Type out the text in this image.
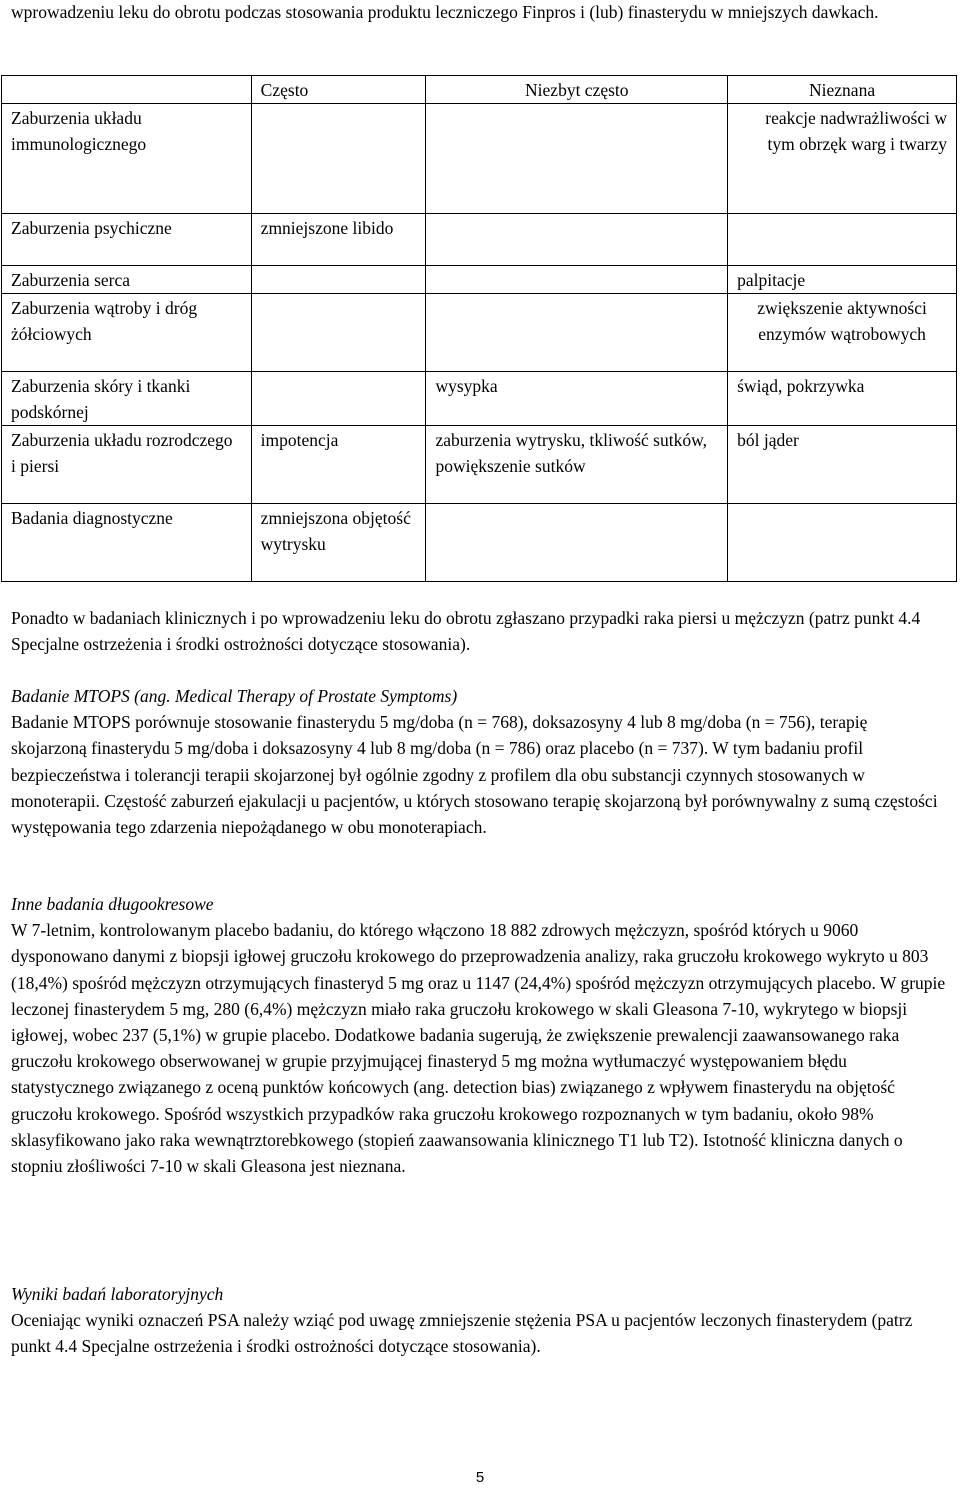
wprowadzeniu leku do obrotu podczas stosowania produktu leczniczego Finpros i (lub) finasterydu w mniejszych dawkach.

	Często	Niezbyt często	Nieznana
Zaburzenia układu immunologicznego			reakcje nadwrażliwości w tym obrzęk warg i twarzy
Zaburzenia psychiczne	zmniejszone libido		
Zaburzenia serca			palpitacje
Zaburzenia wątroby i dróg żółciowych			zwiększenie aktywności enzymów wątrobowych
Zaburzenia skóry i tkanki podskórnej		wysypka	świąd, pokrzywka
Zaburzenia układu rozrodczego i piersi	impotencja	zaburzenia wytrysku, tkliwość sutków, powiększenie sutków	ból jąder
Badania diagnostyczne	zmniejszona objętość wytrysku		

Ponadto w badaniach klinicznych i po wprowadzeniu leku do obrotu zgłaszano przypadki raka piersi u mężczyzn (patrz punkt 4.4 Specjalne ostrzeżenia i środki ostrożności dotyczące stosowania).

Badanie MTOPS (ang. Medical Therapy of Prostate Symptoms)

Badanie MTOPS porównuje stosowanie finasterydu 5 mg/doba (n = 768), doksazosyny 4 lub 8 mg/doba (n = 756), terapię skojarzoną finasterydu 5 mg/doba i doksazosyny 4 lub 8 mg/doba (n = 786) oraz placebo (n = 737). W tym badaniu profil bezpieczeństwa i tolerancji terapii skojarzonej był ogólnie zgodny z profilem dla obu substancji czynnych stosowanych w monoterapii. Częstość zaburzeń ejakulacji u pacjentów, u których stosowano terapię skojarzoną był porównywalny z sumą częstości występowania tego zdarzenia niepożądanego w obu monoterapiach.

Inne badania długookresowe

W 7-letnim, kontrolowanym placebo badaniu, do którego włączono 18 882 zdrowych mężczyzn, spośród których u 9060 dysponowano danymi z biopsji igłowej gruczołu krokowego do przeprowadzenia analizy, raka gruczołu krokowego wykryto u 803 (18,4%) spośród mężczyzn otrzymujących finasteryd 5 mg oraz u 1147 (24,4%) spośród mężczyzn otrzymujących placebo. W grupie leczonej finasterydem 5 mg, 280 (6,4%) mężczyzn miało raka gruczołu krokowego w skali Gleasona 7-10, wykrytego w biopsji igłowej, wobec 237 (5,1%) w grupie placebo. Dodatkowe badania sugerują, że zwiększenie prewalencji zaawansowanego raka gruczołu krokowego obserwowanej w grupie przyjmującej finasteryd 5 mg można wytłumaczyć występowaniem błędu statystycznego związanego z oceną punktów końcowych (ang. detection bias) związanego z wpływem finasterydu na objętość gruczołu krokowego. Spośród wszystkich przypadków raka gruczołu krokowego rozpoznanych w tym badaniu, około 98% sklasyfikowano jako raka wewnątrztorebkowego (stopień zaawansowania klinicznego T1 lub T2). Istotność kliniczna danych o stopniu złośliwości 7-10 w skali Gleasona jest nieznana.

Wyniki badań laboratoryjnych

Oceniając wyniki oznaczeń PSA należy wziąć pod uwagę zmniejszenie stężenia PSA u pacjentów leczonych finasterydem (patrz punkt 4.4 Specjalne ostrzeżenia i środki ostrożności dotyczące stosowania).

5
